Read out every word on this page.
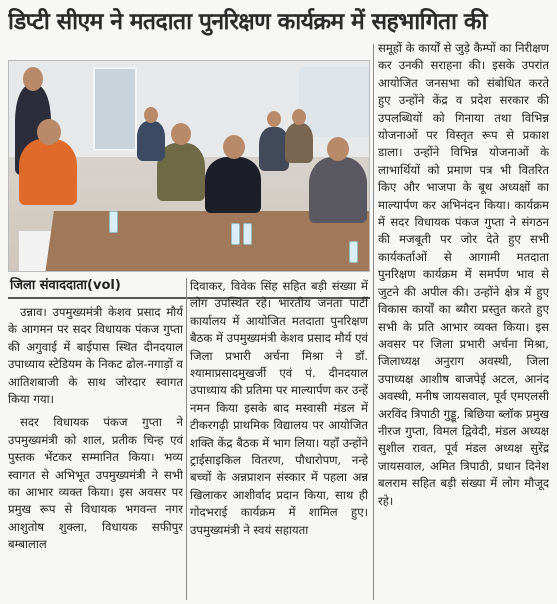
डिप्टी सीएम ने मतदाता पुनरिक्षण कार्यक्रम में सहभागिता की
जिला संवाददाता(vol)

उन्नाव। उपमुख्यमंत्री केशव प्रसाद मौर्य के आगमन पर सदर विधायक पंकज गुप्ता की अगुवाई में बाईपास स्थित दीनदयाल उपाध्याय स्टेडियम के निकट ढोल-नगाड़ों व आतिशबाजी के साथ जोरदार स्वागत किया गया।

सदर विधायक पंकज गुप्ता ने उपमुख्यमंत्री को शाल, प्रतीक चिन्ह एवं पुस्तक भेंटकर सम्मानित किया। भव्य स्वागत से अभिभूत उपमुख्यमंत्री ने सभी का आभार व्यक्त किया। इस अवसर पर प्रमुख रूप से विधायक भगवन्त नगर आशुतोष शुक्ला, विधायक सफीपुर बम्बालाल

दिवाकर, विवेक सिंह सहित बड़ी संख्या में लोग उपस्थित रहे। भारतीय जनता पार्टी कार्यालय में आयोजित मतदाता पुनरिक्षण बैठक में उपमुख्यमंत्री केशव प्रसाद मौर्य एवं जिला प्रभारी अर्चना मिश्रा ने डॉ. श्यामाप्रसादमुखर्जी एवं पं. दीनदयाल उपाध्याय की प्रतिमा पर माल्यार्पण कर उन्हें नमन किया इसके बाद मस्वासी मंडल में टीकरगढ़ी प्राथमिक विद्यालय पर आयोजित शक्ति केंद्र बैठक में भाग लिया। यहाँ उन्होंने ट्राईसाइकिल वितरण, पौधारोपण, नन्हे बच्चों के अन्नप्राशन संस्कार में पहला अन्न खिलाकर आशीर्वाद प्रदान किया, साथ ही गोदभराई कार्यक्रम में शामिल हुए। उपमुख्यमंत्री ने स्वयं सहायता

समूहों के कार्यों से जुड़े कैम्पों का निरीक्षण कर उनकी सराहना की। इसके उपरांत आयोजित जनसभा को संबोधित करते हुए उन्होंने केंद्र व प्रदेश सरकार की उपलब्धियों को गिनाया तथा विभिन्न योजनाओं पर विस्तृत रूप से प्रकाश डाला। उन्होंने विभिन्न योजनाओं के लाभार्थियों को प्रमाण पत्र भी वितरित किए और भाजपा के बूथ अध्यक्षों का माल्यार्पण कर अभिनंदन किया। कार्यक्रम में सदर विधायक पंकज गुप्ता ने संगठन की मजबूती पर जोर देते हुए सभी कार्यकर्ताओं से आगामी मतदाता पुनरिक्षण कार्यक्रम में समर्पण भाव से जुटने की अपील की। उन्होंने क्षेत्र में हुए विकास कार्यों का ब्यौरा प्रस्तुत करते हुए सभी के प्रति आभार व्यक्त किया। इस अवसर पर जिला प्रभारी अर्चना मिश्रा, जिलाध्यक्ष अनुराग अवस्थी, जिला उपाध्यक्ष आशीष बाजपेई अटल, आनंद अवस्थी, मनीष जायसवाल, पूर्व एमएलसी अरविंद त्रिपाठी गुड्डू, बिछिया ब्लॉक प्रमुख नीरज गुप्ता, विमल द्विवेदी, मंडल अध्यक्ष सुशील रावत, पूर्व मंडल अध्यक्ष सुरेंद्र जायसवाल, अमित त्रिपाठी, प्रधान दिनेश बलराम सहित बड़ी संख्या में लोग मौजूद रहे।
